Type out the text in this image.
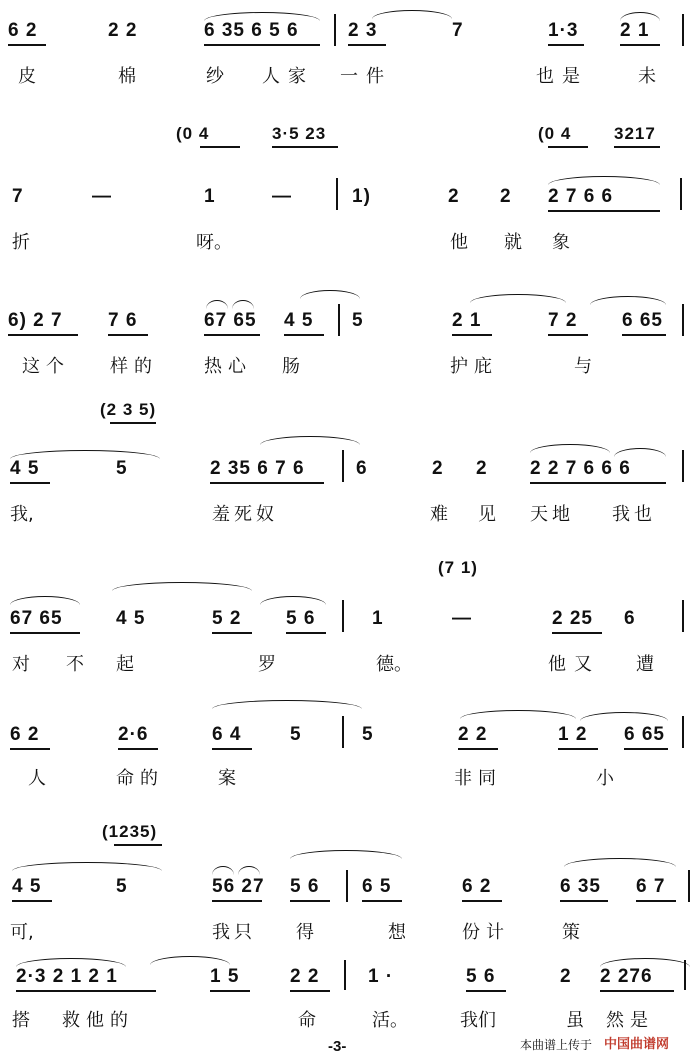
6 2	2 2	6 35 6 5 6	2 3	7	1·3 2 1
皮	棉	纱 人家 一件	也是	未
(0 4	3·5 23	(0 4	3217
7	—	1	—	1)	2 2 2 7 6 6
折	呀。	他 就 象
6) 2 7 7 6	67 65 4 5 5	2 1	7 2 6 65
这个 样的	热心 肠	护庇	与
(2 3 5)
4 5	5	2 35 6 7 6	6	2 2 2 2 7 6 6 6
我,	羞死奴	难 见 天地 我也
(7 1)
67 65	4 5	5 2 5 6	1	—	2 25 6
对 不 起	罗	德。	他又 遭
6 2	2·6	6 4	5	5	2 2	1 2 6 65
人	命的	案	非同	小
(1235)
4 5	5	56 27 5 6 6 5	6 2	6 35 6 7
可,	我只 得	想	份计	策
2·3 2 1 2 1	1 5	2 2	1 ·	5 6	2 2 276
搭 救他的	命	活。	我们	虽 然是
-3-	本曲谱上传于 中国曲谱网
